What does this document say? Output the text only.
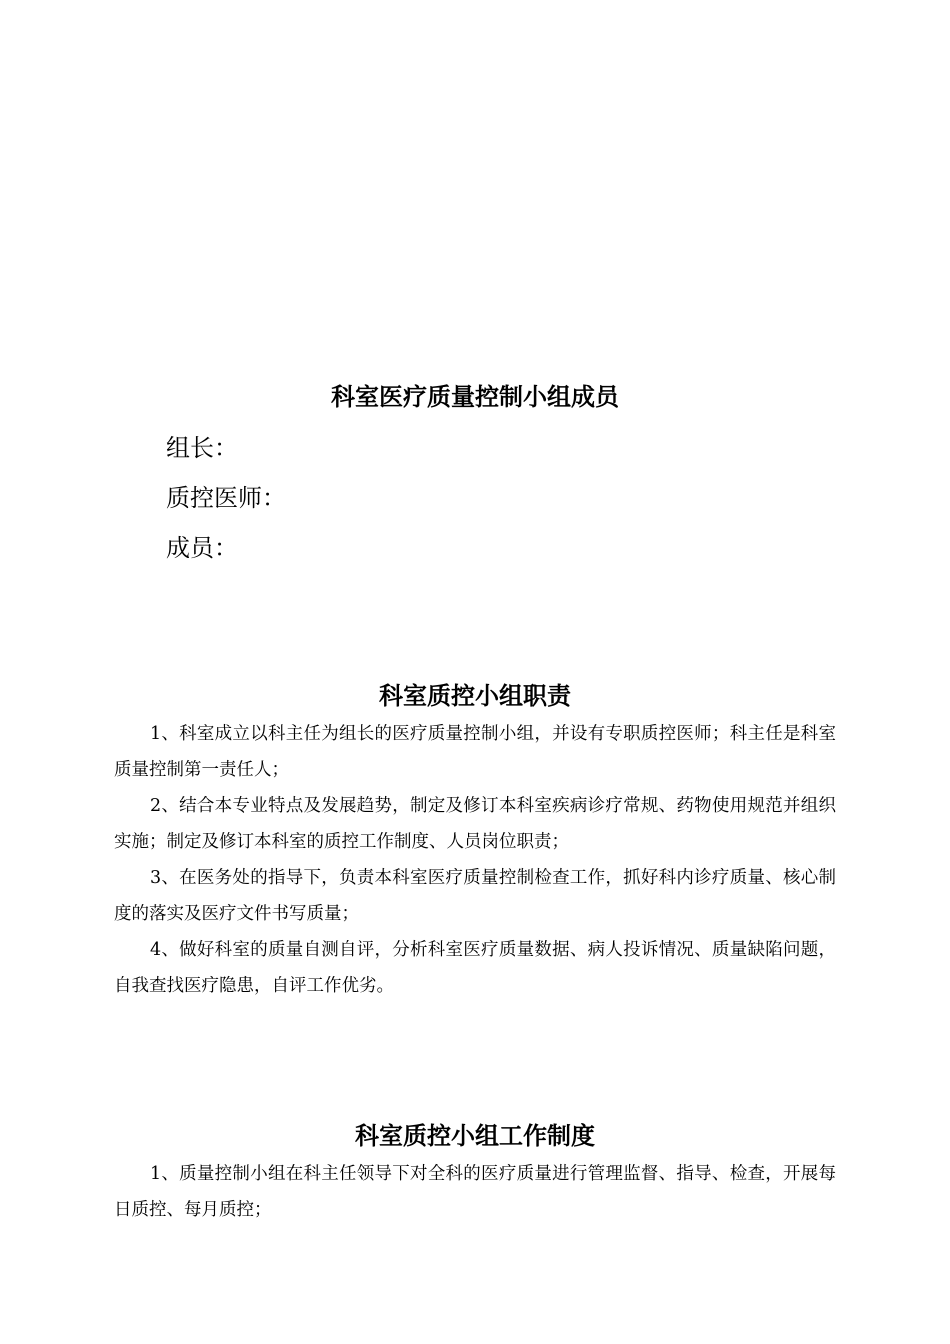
科室医疗质量控制小组成员

组长：

质控医师：

成员：

科室质控小组职责

1、科室成立以科主任为组长的医疗质量控制小组，并设有专职质控医师；科主任是科室质量控制第一责任人；

2、结合本专业特点及发展趋势，制定及修订本科室疾病诊疗常规、药物使用规范并组织实施；制定及修订本科室的质控工作制度、人员岗位职责；

3、在医务处的指导下，负责本科室医疗质量控制检查工作，抓好科内诊疗质量、核心制度的落实及医疗文件书写质量；

4、做好科室的质量自测自评，分析科室医疗质量数据、病人投诉情况、质量缺陷问题，自我查找医疗隐患，自评工作优劣。

科室质控小组工作制度

1、质量控制小组在科主任领导下对全科的医疗质量进行管理监督、指导、检查，开展每日质控、每月质控；
